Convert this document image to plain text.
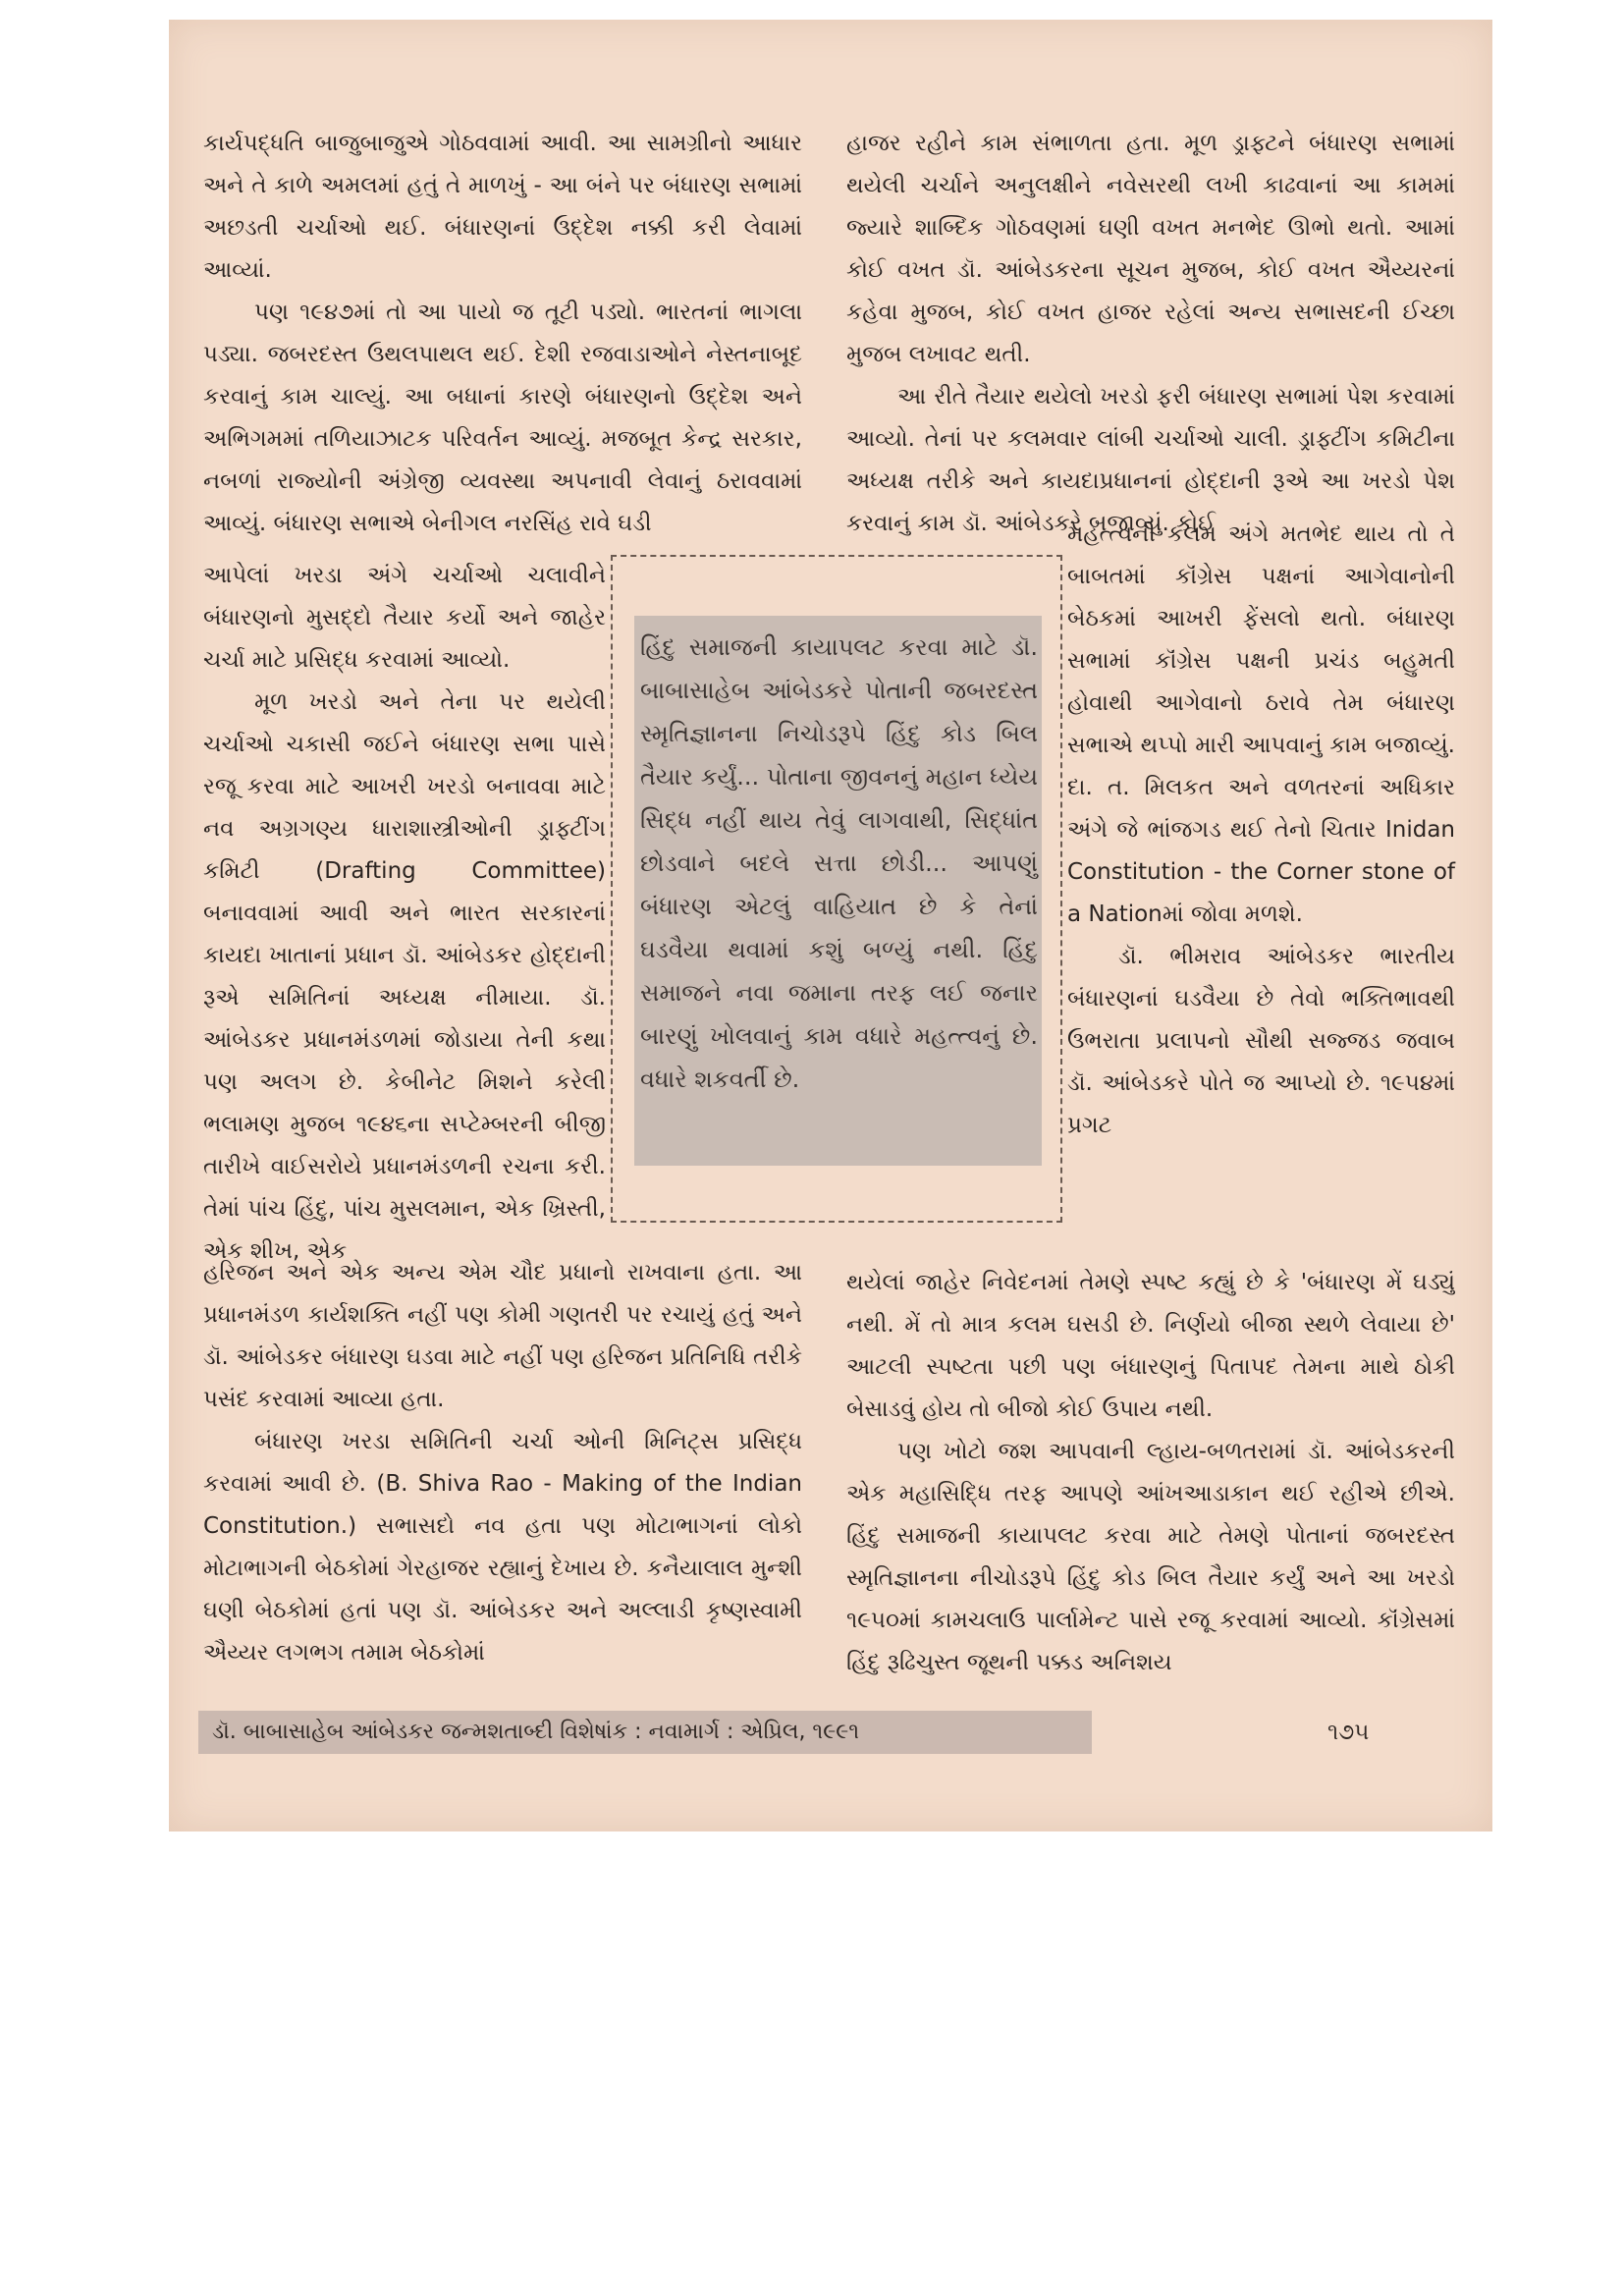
કાર્યપદ્ધતિ બાજુબાજુએ ગોઠવવામાં આવી. આ સામગ્રીનો આધાર અને તે કાળે અમલમાં હતું તે માળખું - આ બંને પર બંધારણ સભામાં અછડતી ચર્ચાઓ થઈ. બંધારણનાં ઉદ્દેશ નક્કી કરી લેવામાં આવ્યાં.

પણ ૧૯૪૭માં તો આ પાયો જ તૂટી પડ્યો. ભારતનાં ભાગલા પડ્યા. જબરદસ્ત ઉથલપાથલ થઈ. દેશી રજવાડાઓને નેસ્તનાબૂદ કરવાનું કામ ચાલ્યું. આ બધાનાં કારણે બંધારણનો ઉદ્દેશ અને અભિગમમાં તળિયાઝાટક પરિવર્તન આવ્યું. મજબૂત કેન્દ્ર સરકાર, નબળાં રાજ્યોની અંગ્રેજી વ્યવસ્થા અપનાવી લેવાનું ઠરાવવામાં આવ્યું. બંધારણ સભાએ બેનીગલ નરસિંહ રાવે ઘડી

આપેલાં ખરડા અંગે ચર્ચાઓ ચલાવીને બંધારણનો મુસદ્દો તૈયાર કર્યો અને જાહેર ચર્ચા માટે પ્રસિદ્ધ કરવામાં આવ્યો.

મૂળ ખરડો અને તેના પર થયેલી ચર્ચાઓ ચકાસી જઈને બંધારણ સભા પાસે રજૂ કરવા માટે આખરી ખરડો બનાવવા માટે નવ અગ્રગણ્ય ધારાશાસ્ત્રીઓની ડ્રાફ્ટીંગ કમિટી (Drafting Committee) બનાવવામાં આવી અને ભારત સરકારનાં કાયદા ખાતાનાં પ્રધાન ડૉ. આંબેડકર હોદ્દાની રૂએ સમિતિનાં અધ્યક્ષ નીમાયા. ડૉ. આંબેડકર પ્રધાનમંડળમાં જોડાયા તેની કથા પણ અલગ છે. કેબીનેટ મિશને કરેલી ભલામણ મુજબ ૧૯૪૬ના સપ્ટેમ્બરની બીજી તારીખે વાઈસરોયે પ્રધાનમંડળની રચના કરી. તેમાં પાંચ હિંદુ, પાંચ મુસલમાન, એક ખ્રિસ્તી, એક શીખ, એક

હિંદુ સમાજની કાયાપલટ કરવા માટે ડૉ. બાબાસાહેબ આંબેડકરે પોતાની જબરદસ્ત સ્મૃતિજ્ઞાનના નિચોડરૂપે હિંદુ કોડ બિલ તૈયાર કર્યું... પોતાના જીવનનું મહાન ધ્યેય સિદ્ધ નહીં થાય તેવું લાગવાથી, સિદ્ધાંત છોડવાને બદલે સત્તા છોડી... આપણું બંધારણ એટલું વાહિયાત છે કે તેનાં ઘડવૈયા થવામાં કશું બળ્યું નથી. હિંદુ સમાજને નવા જમાના તરફ લઈ જનાર બારણું ખોલવાનું કામ વધારે મહત્ત્વનું છે. વધારે શકવર્તી છે.

હરિજન અને એક અન્ય એમ ચૌદ પ્રધાનો રાખવાના હતા. આ પ્રધાનમંડળ કાર્યશક્તિ નહીં પણ કોમી ગણતરી પર રચાયું હતું અને ડૉ. આંબેડકર બંધારણ ઘડવા માટે નહીં પણ હરિજન પ્રતિનિધિ તરીકે પસંદ કરવામાં આવ્યા હતા.

બંધારણ ખરડા સમિતિની ચર્ચા ઓની મિનિટ્સ પ્રસિદ્ધ કરવામાં આવી છે. (B. Shiva Rao - Making of the Indian Constitution.) સભાસદો નવ હતા પણ મોટાભાગનાં લોકો મોટાભાગની બેઠકોમાં ગેરહાજર રહ્યાનું દેખાય છે. કનૈયાલાલ મુન્શી ઘણી બેઠકોમાં હતાં પણ ડૉ. આંબેડકર અને અલ્લાડી કૃષ્ણસ્વામી ઐય્યર લગભગ તમામ બેઠકોમાં

હાજર રહીને કામ સંભાળતા હતા. મૂળ ડ્રાફ્ટને બંધારણ સભામાં થયેલી ચર્ચાને અનુલક્ષીને નવેસરથી લખી કાઢવાનાં આ કામમાં જ્યારે શાબ્દિક ગોઠવણમાં ઘણી વખત મનભેદ ઊભો થતો. આમાં કોઈ વખત ડૉ. આંબેડકરના સૂચન મુજબ, કોઈ વખત ઐય્યરનાં કહેવા મુજબ, કોઈ વખત હાજર રહેલાં અન્ય સભાસદની ઈચ્છા મુજબ લખાવટ થતી.

આ રીતે તૈયાર થયેલો ખરડો ફરી બંધારણ સભામાં પેશ કરવામાં આવ્યો. તેનાં પર કલમવાર લાંબી ચર્ચાઓ ચાલી. ડ્રાફ્ટીંગ કમિટીના અધ્યક્ષ તરીકે અને કાયદાપ્રધાનનાં હોદ્દાની રૂએ આ ખરડો પેશ કરવાનું કામ ડૉ. આંબેડકરે બજાવ્યું. કોઈ

મહત્ત્વની કલમ અંગે મતભેદ થાય તો તે બાબતમાં કૉંગ્રેસ પક્ષનાં આગેવાનોની બેઠકમાં આખરી ફેંસલો થતો. બંધારણ સભામાં કૉંગ્રેસ પક્ષની પ્રચંડ બહુમતી હોવાથી આગેવાનો ઠરાવે તેમ બંધારણ સભાએ થપ્પો મારી આપવાનું કામ બજાવ્યું. દા. ત. મિલકત અને વળતરનાં અધિકાર અંગે જે ભાંજગડ થઈ તેનો ચિતાર Inidan Constitution - the Corner stone of a Nationમાં જોવા મળશે.

ડૉ. ભીમરાવ આંબેડકર ભારતીય બંધારણનાં ઘડવૈયા છે તેવો ભક્તિભાવથી ઉભરાતા પ્રલાપનો સૌથી સજ્જડ જવાબ ડૉ. આંબેડકરે પોતે જ આપ્યો છે. ૧૯૫૪માં પ્રગટ

થયેલાં જાહેર નિવેદનમાં તેમણે સ્પષ્ટ કહ્યું છે કે 'બંધારણ મેં ઘડ્યું નથી. મેં તો માત્ર કલમ ઘસડી છે. નિર્ણયો બીજા સ્થળે લેવાયા છે' આટલી સ્પષ્ટતા પછી પણ બંધારણનું પિતાપદ તેમના માથે ઠોકી બેસાડવું હોય તો બીજો કોઈ ઉપાય નથી.

પણ ખોટો જશ આપવાની લ્હાય-બળતરામાં ડૉ. આંબેડકરની એક મહાસિદ્ધિ તરફ આપણે આંખઆડાકાન થઈ રહીએ છીએ. હિંદુ સમાજની કાયાપલટ કરવા માટે તેમણે પોતાનાં જબરદસ્ત સ્મૃતિજ્ઞાનના નીચોડરૂપે હિંદુ કોડ બિલ તૈયાર કર્યું અને આ ખરડો ૧૯૫૦માં કામચલાઉ પાર્લામેન્ટ પાસે રજૂ કરવામાં આવ્યો. કૉંગ્રેસમાં હિંદુ રૂઢિચુસ્ત જૂથની પક્કડ અનિશય

ડૉ. બાબાસાહેબ આંબેડકર જન્મશતાબ્દી વિશેષાંક : નવામાર્ગ : એપ્રિલ, ૧૯૯૧	૧૭૫
